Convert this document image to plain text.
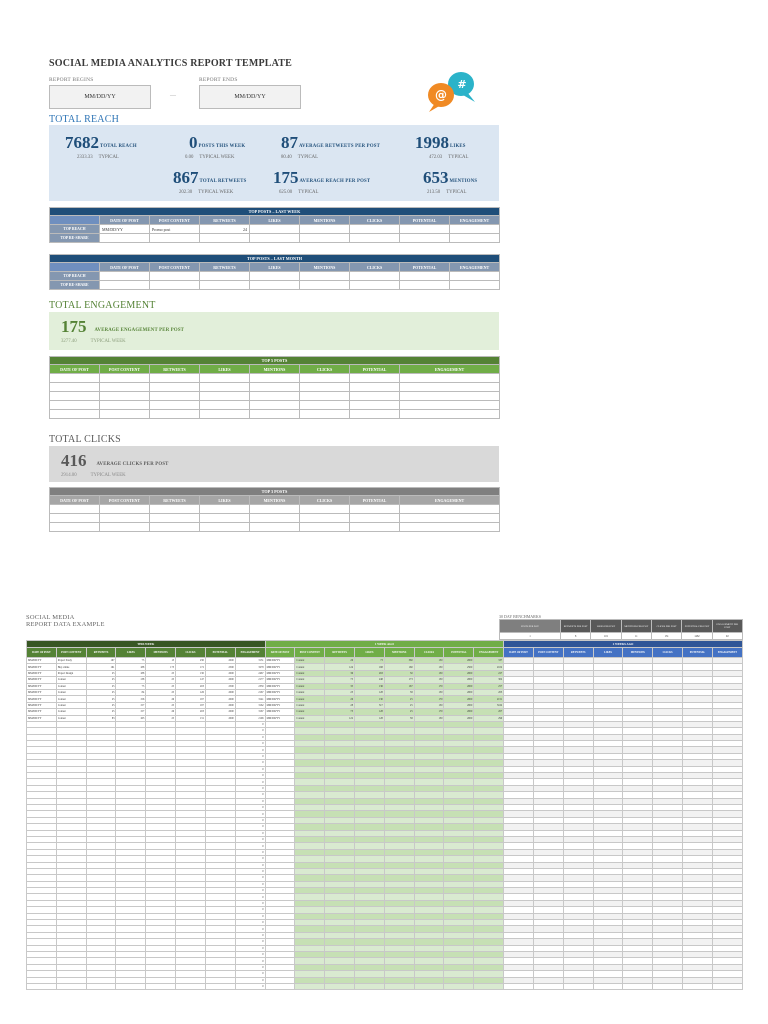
SOCIAL MEDIA ANALYTICS REPORT TEMPLATE
REPORT BEGINS
MM/DD/YY	—
REPORT ENDS
MM/DD/YY	@
#
TOTAL REACH
7682 TOTAL REACH
2333.33 TYPICAL
0 POSTS THIS WEEK
0.00 TYPICAL WEEK
87 AVERAGE RETWEETS PER POST
80.40 TYPICAL
1998 LIKES
472.03 TYPICAL
867 TOTAL RETWEETS
202.30 TYPICAL WEEK
175 AVERAGE REACH PER POST
625.00 TYPICAL
653 MENTIONS
213.50 TYPICAL
TOP POSTS – LAST WEEK								
	DATE OF POST	POST CONTENT	RETWEETS	LIKES	MENTIONS	CLICKS	POTENTIAL	ENGAGEMENT
TOP REACH	MM/DD/YY	Promo post	24					
TOP RE-SHARE								
TOP POSTS – LAST MONTH								
	DATE OF POST	POST CONTENT	RETWEETS	LIKES	MENTIONS	CLICKS	POTENTIAL	ENGAGEMENT
TOP REACH								
TOP RE-SHARE								
TOTAL ENGAGEMENT
175 AVERAGE ENGAGEMENT PER POST
3277.40	TYPICAL WEEK
TOP 5 POSTS							
DATE OF POST	POST CONTENT	RETWEETS	LIKES	MENTIONS	CLICKS	POTENTIAL	ENGAGEMENT

TOTAL CLICKS
416 AVERAGE CLICKS PER POST
2914.00	TYPICAL WEEK
TOP 3 POSTS							
DATE OF POST	POST CONTENT	RETWEETS	LIKES	MENTIONS	CLICKS	POTENTIAL	ENGAGEMENT

SOCIAL MEDIA
REPORT DATA EXAMPLE
30 DAY BENCHMARKS
POSTS PER DAY	RETWEETS PER POST	LIKES PER POST	MENTIONS PER POST	CLICKS PER POST	POTENTIAL PER POST	ENGAGEMENT PER POST
1	8	101	11	131	1482	92
THIS WEEK								1 WEEK AGO								2 WEEKS AGO							
DATE OF POST	POST CONTENT	RETWEETS	LIKES	MENTIONS	CLICKS	POTENTIAL	ENGAGEMENT	DATE OF POST	POST CONTENT	RETWEETS	LIKES	MENTIONS	CLICKS	POTENTIAL	ENGAGEMENT	DATE OF POST	POST CONTENT	RETWEETS	LIKES	MENTIONS	CLICKS	POTENTIAL	ENGAGEMENT
MM/DD/YY	Project Study	167	75	13	230	2000	3131	MM/DD/YY	Contest	26	73	360	130	2000	337								
MM/DD/YY	Buy online	161	188	173	172	2500	3278	MM/DD/YY	Contest	124	168	160	130	2500	2102								
MM/DD/YY	Project Design	25	188	25	130	2000	2467	MM/DD/YY	Contest	36	263	50	130	2000	227								
MM/DD/YY	Contest	25	138	25	147	2000	2177	MM/DD/YY	Contest	75	248	173	130	2000	302								
MM/DD/YY	Contest	25	75	25	203	2500	2330	MM/DD/YY	Contest	35	136	167	170	2000	257								
MM/DD/YY	Contest	25	84	25	126	2000	2167	MM/DD/YY	Contest	23	128	38	130	2000	203								
MM/DD/YY	Contest	25	156	26	197	2000	3141	MM/DD/YY	Contest	26	130	25	170	2000	2151								
MM/DD/YY	Contest	25	157	25	197	2000	3162	MM/DD/YY	Contest	28	317	25	130	2000	3162								
MM/DD/YY	Contest	25	157	26	203	2000	3167	MM/DD/YY	Contest	73	128	25	170	2000	207								
MM/DD/YY	Contest	83	163	25	131	2000	2196	MM/DD/YY	Contest	122	128	38	130	2000	290								
							0																
							0																
							0																
							0																
							0																
							0																
							0																
							0																
							0																
							0																
							0																
							0																
							0																
							0																
							0																
							0																
							0																
							0																
							0																
							0																
							0																
							0																
							0																
							0																
							0																
							0																
							0																
							0																
							0																
							0																
							0																
							0																
							0																
							0																
							0																
							0																
							0																
							0																
							0																
							0																
							0																
							0																
